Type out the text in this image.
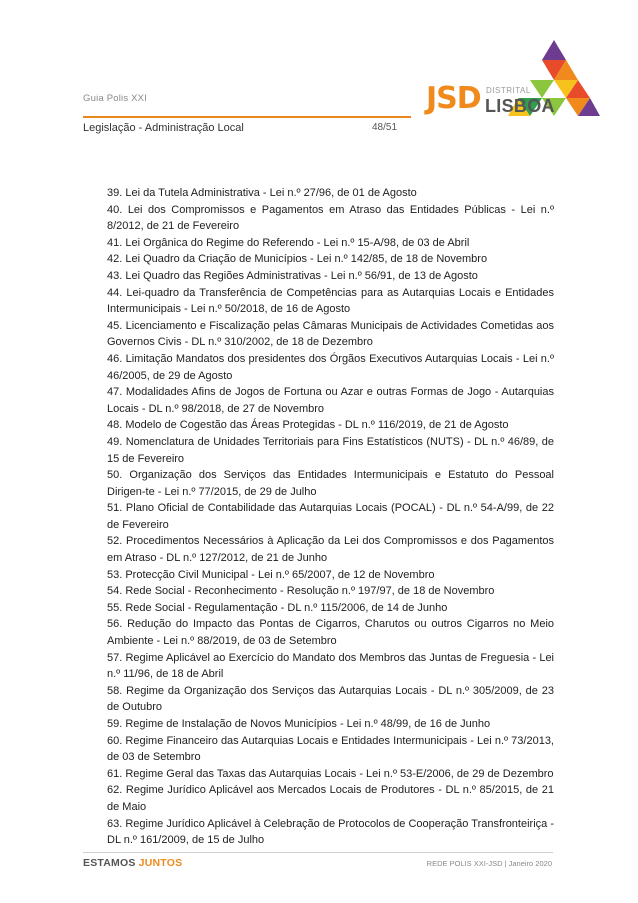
Guia Polis XXI
Legislação - Administração Local	48/51
JSD DISTRITAL
LISBOA

39. Lei da Tutela Administrativa - Lei n.º 27/96, de 01 de Agosto

40. Lei dos Compromissos e Pagamentos em Atraso das Entidades Públicas - Lei n.º 8/2012, de 21 de Fevereiro

41. Lei Orgânica do Regime do Referendo - Lei n.º 15-A/98, de 03 de Abril

42. Lei Quadro da Criação de Municípios - Lei n.º 142/85, de 18 de Novembro

43. Lei Quadro das Regiões Administrativas - Lei n.º 56/91, de 13 de Agosto

44. Lei-quadro da Transferência de Competências para as Autarquias Locais e Entidades Intermunicipais - Lei n.º 50/2018, de 16 de Agosto

45. Licenciamento e Fiscalização pelas Câmaras Municipais de Actividades Cometidas aos Governos Civis - DL n.º 310/2002, de 18 de Dezembro

46. Limitação Mandatos dos presidentes dos Órgãos Executivos Autarquias Locais - Lei n.º 46/2005, de 29 de Agosto

47. Modalidades Afins de Jogos de Fortuna ou Azar e outras Formas de Jogo - Autarquias Locais - DL n.º 98/2018, de 27 de Novembro

48. Modelo de Cogestão das Áreas Protegidas - DL n.º 116/2019, de 21 de Agosto

49. Nomenclatura de Unidades Territoriais para Fins Estatísticos (NUTS) - DL n.º 46/89, de 15 de Fevereiro

50. Organização dos Serviços das Entidades Intermunicipais e Estatuto do Pessoal Dirigen-te - Lei n.º 77/2015, de 29 de Julho

51. Plano Oficial de Contabilidade das Autarquias Locais (POCAL) - DL n.º 54-A/99, de 22 de Fevereiro

52. Procedimentos Necessários à Aplicação da Lei dos Compromissos e dos Pagamentos em Atraso - DL n.º 127/2012, de 21 de Junho

53. Protecção Civil Municipal - Lei n.º 65/2007, de 12 de Novembro

54. Rede Social - Reconhecimento - Resolução n.º 197/97, de 18 de Novembro

55. Rede Social - Regulamentação - DL n.º 115/2006, de 14 de Junho

56. Redução do Impacto das Pontas de Cigarros, Charutos ou outros Cigarros no Meio Ambiente - Lei n.º 88/2019, de 03 de Setembro

57. Regime Aplicável ao Exercício do Mandato dos Membros das Juntas de Freguesia - Lei n.º 11/96, de 18 de Abril

58. Regime da Organização dos Serviços das Autarquias Locais - DL n.º 305/2009, de 23 de Outubro

59. Regime de Instalação de Novos Municípios - Lei n.º 48/99, de 16 de Junho

60. Regime Financeiro das Autarquias Locais e Entidades Intermunicipais - Lei n.º 73/2013, de 03 de Setembro

61. Regime Geral das Taxas das Autarquias Locais - Lei n.º 53-E/2006, de 29 de Dezembro

62. Regime Jurídico Aplicável aos Mercados Locais de Produtores - DL n.º 85/2015, de 21 de Maio

63. Regime Jurídico Aplicável à Celebração de Protocolos de Cooperação Transfronteiriça - DL n.º 161/2009, de 15 de Julho

ESTAMOS JUNTOS	REDE POLIS XXI-JSD | Janeiro 2020
